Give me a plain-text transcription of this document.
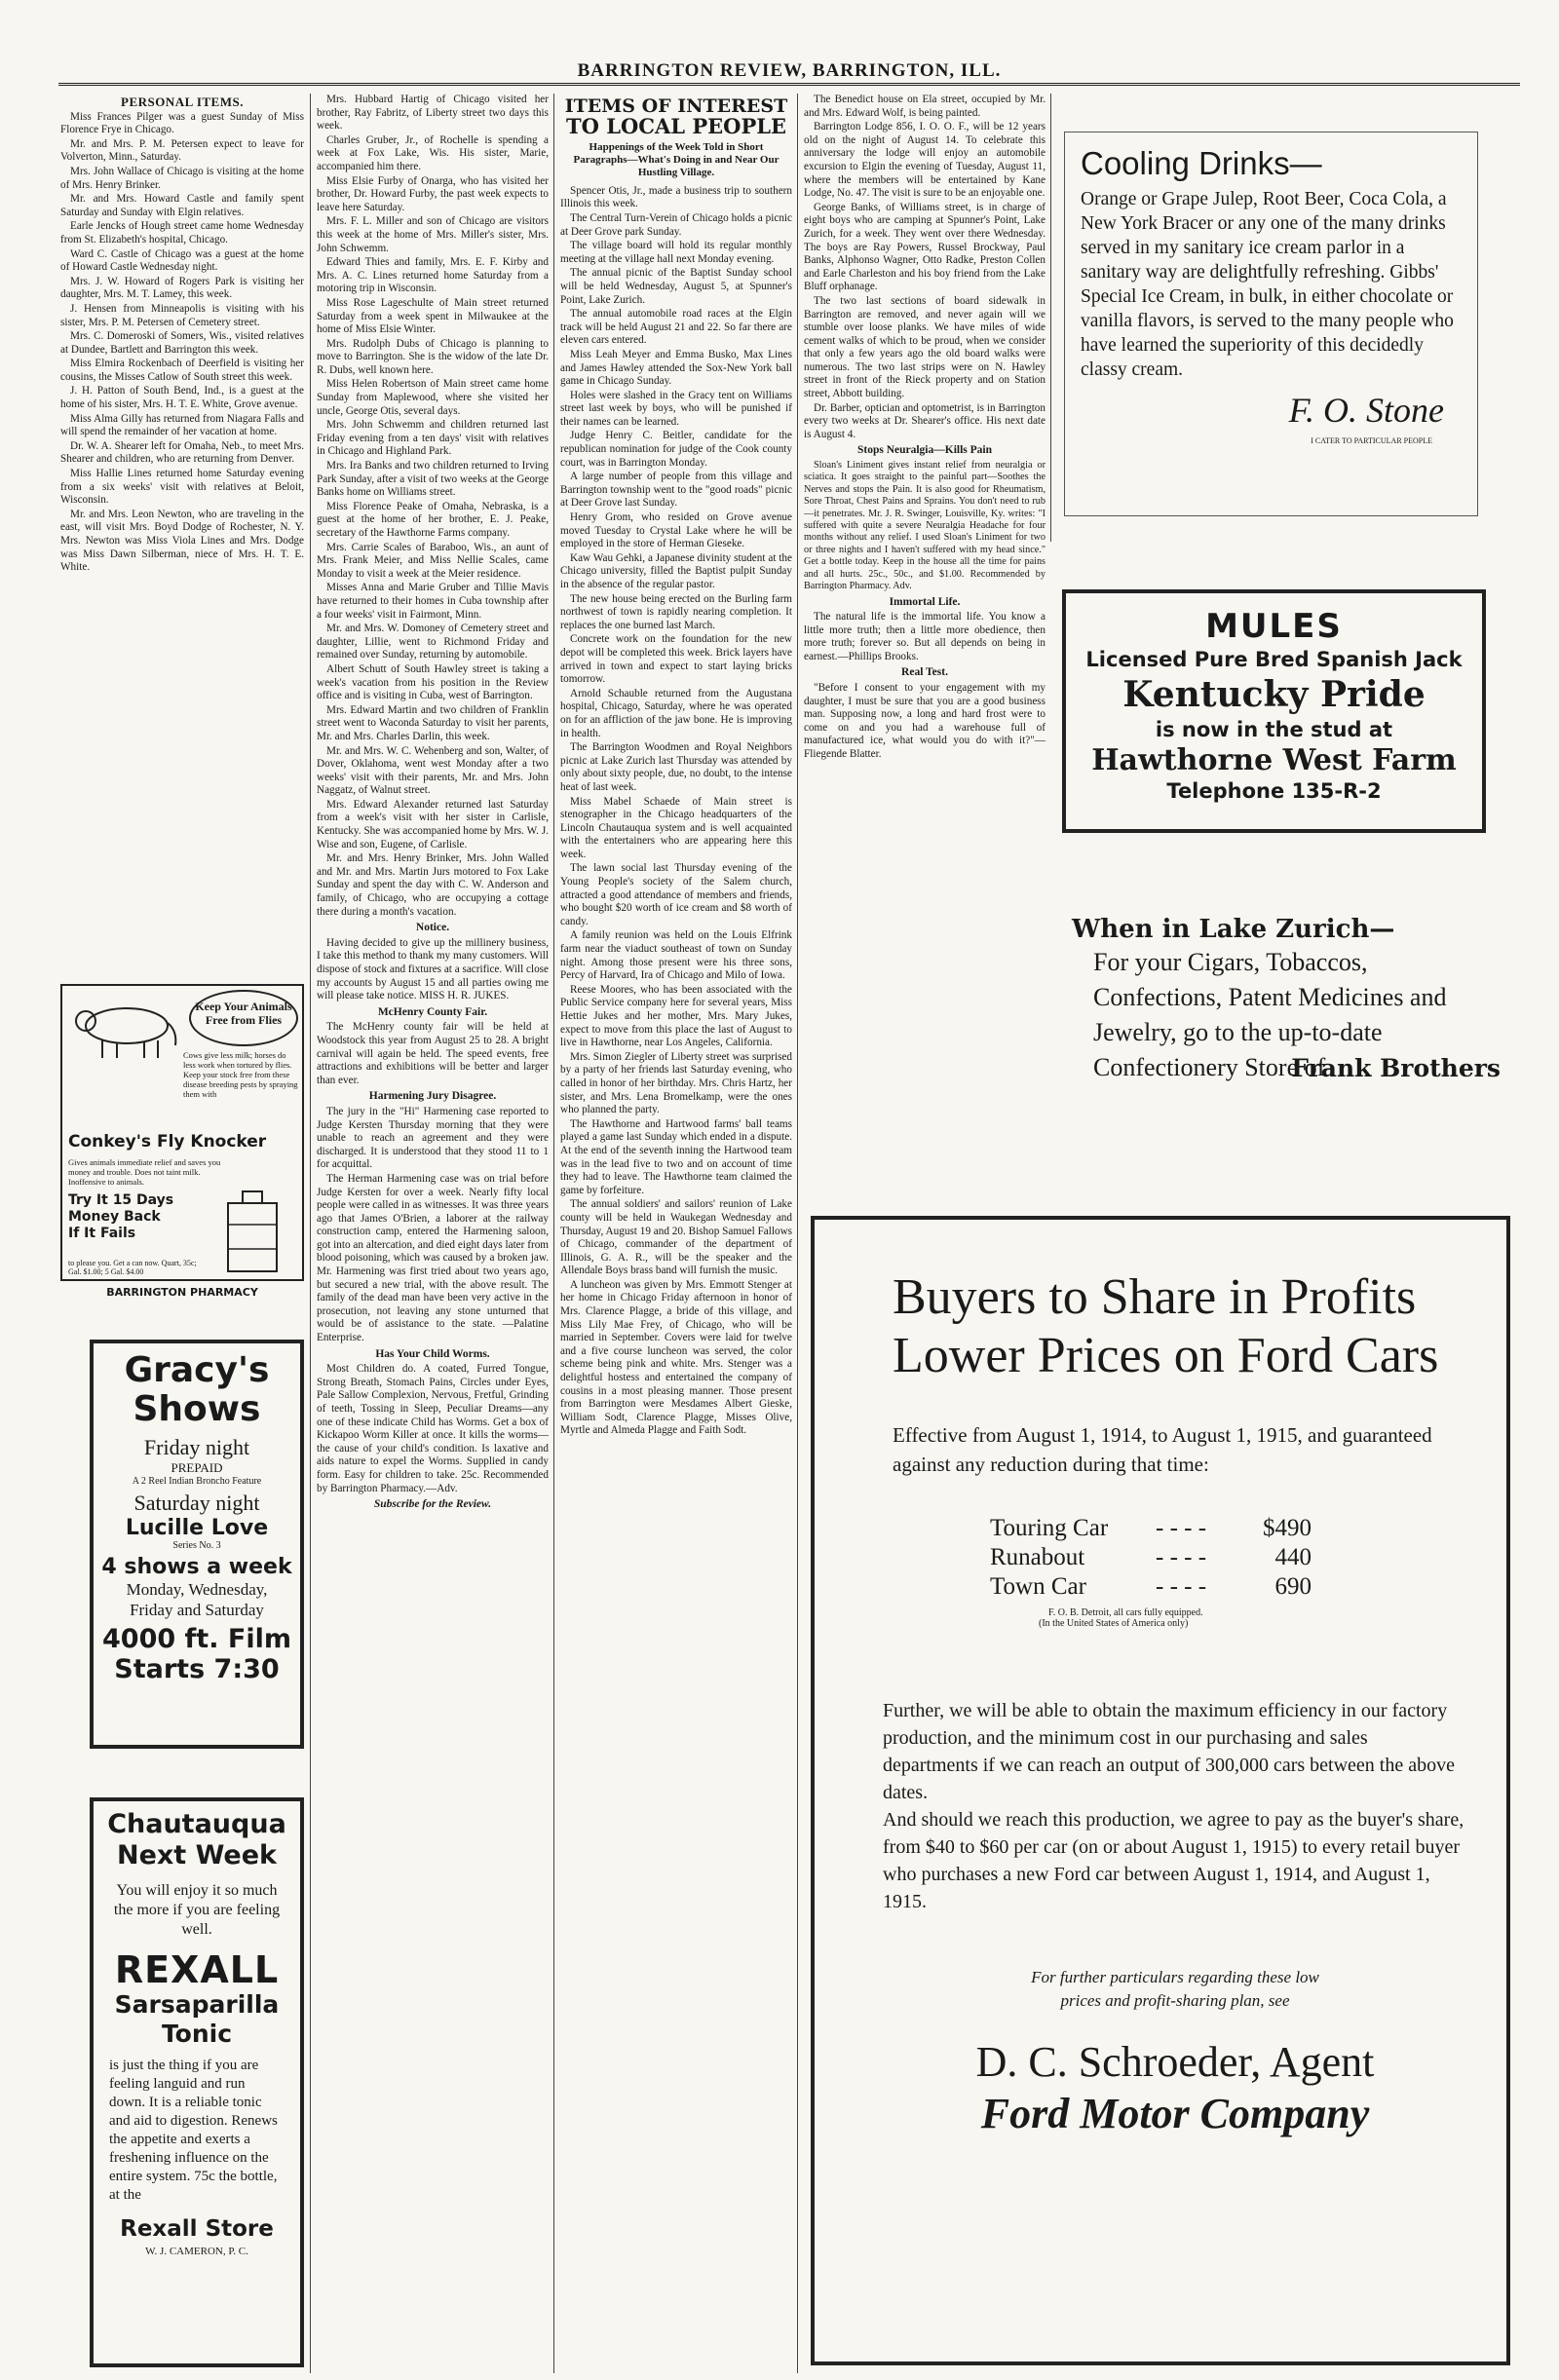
BARRINGTON REVIEW, BARRINGTON, ILL.
PERSONAL ITEMS.

Miss Frances Pilger was a guest Sunday of Miss Florence Frye in Chicago.

Mr. and Mrs. P. M. Petersen expect to leave for Volverton, Minn., Saturday.

Mrs. John Wallace of Chicago is visiting at the home of Mrs. Henry Brinker.

Mr. and Mrs. Howard Castle and family spent Saturday and Sunday with Elgin relatives.

Earle Jencks of Hough street came home Wednesday from St. Elizabeth's hospital, Chicago.

Ward C. Castle of Chicago was a guest at the home of Howard Castle Wednesday night.

Mrs. J. W. Howard of Rogers Park is visiting her daughter, Mrs. M. T. Lamey, this week.

J. Hensen from Minneapolis is visiting with his sister, Mrs. P. M. Petersen of Cemetery street.

Mrs. C. Domeroski of Somers, Wis., visited relatives at Dundee, Bartlett and Barrington this week.

Miss Elmira Rockenbach of Deerfield is visiting her cousins, the Misses Catlow of South street this week.

J. H. Patton of South Bend, Ind., is a guest at the home of his sister, Mrs. H. T. E. White, Grove avenue.

Miss Alma Gilly has returned from Niagara Falls and will spend the remainder of her vacation at home.

Dr. W. A. Shearer left for Omaha, Neb., to meet Mrs. Shearer and children, who are returning from Denver.

Miss Hallie Lines returned home Saturday evening from a six weeks' visit with relatives at Beloit, Wisconsin.

Mr. and Mrs. Leon Newton, who are traveling in the east, will visit Mrs. Boyd Dodge of Rochester, N. Y. Mrs. Newton was Miss Viola Lines and Mrs. Dodge was Miss Dawn Silberman, niece of Mrs. H. T. E. White.

Keep Your Animals Free from Flies
Cows give less milk; horses do less work when tortured by flies. Keep your stock free from these disease breeding pests by spraying them with
Conkey's Fly Knocker
Gives animals immediate relief and saves you money and trouble. Does not taint milk. Inoffensive to animals.
Try It 15 Days Money Back If It Fails
to please you. Get a can now. Quart, 35c; Gal. $1.00; 5 Gal. $4.00
BARRINGTON PHARMACY
Gracy's
Shows
Friday night
PREPAID
A 2 Reel Indian Broncho Feature
Saturday night
Lucille Love
Series No. 3
4 shows a week
Monday, Wednesday, Friday and Saturday
4000 ft. Film
Starts 7:30
Chautauqua
Next Week
You will enjoy it so much the more if you are feeling well.
REXALL
Sarsaparilla
Tonic
is just the thing if you are feeling languid and run down. It is a reliable tonic and aid to digestion. Renews the appetite and exerts a freshening influence on the entire system. 75c the bottle, at the
Rexall Store
W. J. CAMERON, P. C.

Mrs. Hubbard Hartig of Chicago visited her brother, Ray Fabritz, of Liberty street two days this week.

Charles Gruber, Jr., of Rochelle is spending a week at Fox Lake, Wis. His sister, Marie, accompanied him there.

Miss Elsie Furby of Onarga, who has visited her brother, Dr. Howard Furby, the past week expects to leave here Saturday.

Mrs. F. L. Miller and son of Chicago are visitors this week at the home of Mrs. Miller's sister, Mrs. John Schwemm.

Edward Thies and family, Mrs. E. F. Kirby and Mrs. A. C. Lines returned home Saturday from a motoring trip in Wisconsin.

Miss Rose Lageschulte of Main street returned Saturday from a week spent in Milwaukee at the home of Miss Elsie Winter.

Mrs. Rudolph Dubs of Chicago is planning to move to Barrington. She is the widow of the late Dr. R. Dubs, well known here.

Miss Helen Robertson of Main street came home Sunday from Maplewood, where she visited her uncle, George Otis, several days.

Mrs. John Schwemm and children returned last Friday evening from a ten days' visit with relatives in Chicago and Highland Park.

Mrs. Ira Banks and two children returned to Irving Park Sunday, after a visit of two weeks at the George Banks home on Williams street.

Miss Florence Peake of Omaha, Nebraska, is a guest at the home of her brother, E. J. Peake, secretary of the Hawthorne Farms company.

Mrs. Carrie Scales of Baraboo, Wis., an aunt of Mrs. Frank Meier, and Miss Nellie Scales, came Monday to visit a week at the Meier residence.

Misses Anna and Marie Gruber and Tillie Mavis have returned to their homes in Cuba township after a four weeks' visit in Fairmont, Minn.

Mr. and Mrs. W. Domoney of Cemetery street and daughter, Lillie, went to Richmond Friday and remained over Sunday, returning by automobile.

Albert Schutt of South Hawley street is taking a week's vacation from his position in the Review office and is visiting in Cuba, west of Barrington.

Mrs. Edward Martin and two children of Franklin street went to Waconda Saturday to visit her parents, Mr. and Mrs. Charles Darlin, this week.

Mr. and Mrs. W. C. Wehenberg and son, Walter, of Dover, Oklahoma, went west Monday after a two weeks' visit with their parents, Mr. and Mrs. John Naggatz, of Walnut street.

Mrs. Edward Alexander returned last Saturday from a week's visit with her sister in Carlisle, Kentucky. She was accompanied home by Mrs. W. J. Wise and son, Eugene, of Carlisle.

Mr. and Mrs. Henry Brinker, Mrs. John Walled and Mr. and Mrs. Martin Jurs motored to Fox Lake Sunday and spent the day with C. W. Anderson and family, of Chicago, who are occupying a cottage there during a month's vacation.

Notice.

Having decided to give up the millinery business, I take this method to thank my many customers. Will dispose of stock and fixtures at a sacrifice. Will close my accounts by August 15 and all parties owing me will please take notice. MISS H. R. JUKES.

McHenry County Fair.

The McHenry county fair will be held at Woodstock this year from August 25 to 28. A bright carnival will again be held. The speed events, free attractions and exhibitions will be better and larger than ever.

Harmening Jury Disagree.

The jury in the "Hi" Harmening case reported to Judge Kersten Thursday morning that they were unable to reach an agreement and they were discharged. It is understood that they stood 11 to 1 for acquittal.

The Herman Harmening case was on trial before Judge Kersten for over a week. Nearly fifty local people were called in as witnesses. It was three years ago that James O'Brien, a laborer at the railway construction camp, entered the Harmening saloon, got into an altercation, and died eight days later from blood poisoning, which was caused by a broken jaw. Mr. Harmening was first tried about two years ago, but secured a new trial, with the above result. The family of the dead man have been very active in the prosecution, not leaving any stone unturned that would be of assistance to the state. —Palatine Enterprise.

Has Your Child Worms.

Most Children do. A coated, Furred Tongue, Strong Breath, Stomach Pains, Circles under Eyes, Pale Sallow Complexion, Nervous, Fretful, Grinding of teeth, Tossing in Sleep, Peculiar Dreams—any one of these indicate Child has Worms. Get a box of Kickapoo Worm Killer at once. It kills the worms—the cause of your child's condition. Is laxative and aids nature to expel the Worms. Supplied in candy form. Easy for children to take. 25c. Recommended by Barrington Pharmacy.—Adv.

Subscribe for the Review.
ITEMS OF INTEREST
TO LOCAL PEOPLE
Happenings of the Week Told in Short Paragraphs—What's Doing in and Near Our Hustling Village.

Spencer Otis, Jr., made a business trip to southern Illinois this week.

The Central Turn-Verein of Chicago holds a picnic at Deer Grove park Sunday.

The village board will hold its regular monthly meeting at the village hall next Monday evening.

The annual picnic of the Baptist Sunday school will be held Wednesday, August 5, at Spunner's Point, Lake Zurich.

The annual automobile road races at the Elgin track will be held August 21 and 22. So far there are eleven cars entered.

Miss Leah Meyer and Emma Busko, Max Lines and James Hawley attended the Sox-New York ball game in Chicago Sunday.

Holes were slashed in the Gracy tent on Williams street last week by boys, who will be punished if their names can be learned.

Judge Henry C. Beitler, candidate for the republican nomination for judge of the Cook county court, was in Barrington Monday.

A large number of people from this village and Barrington township went to the "good roads" picnic at Deer Grove last Sunday.

Henry Grom, who resided on Grove avenue moved Tuesday to Crystal Lake where he will be employed in the store of Herman Gieseke.

Kaw Wau Gehki, a Japanese divinity student at the Chicago university, filled the Baptist pulpit Sunday in the absence of the regular pastor.

The new house being erected on the Burling farm northwest of town is rapidly nearing completion. It replaces the one burned last March.

Concrete work on the foundation for the new depot will be completed this week. Brick layers have arrived in town and expect to start laying bricks tomorrow.

Arnold Schauble returned from the Augustana hospital, Chicago, Saturday, where he was operated on for an affliction of the jaw bone. He is improving in health.

The Barrington Woodmen and Royal Neighbors picnic at Lake Zurich last Thursday was attended by only about sixty people, due, no doubt, to the intense heat of last week.

Miss Mabel Schaede of Main street is stenographer in the Chicago headquarters of the Lincoln Chautauqua system and is well acquainted with the entertainers who are appearing here this week.

The lawn social last Thursday evening of the Young People's society of the Salem church, attracted a good attendance of members and friends, who bought $20 worth of ice cream and $8 worth of candy.

A family reunion was held on the Louis Elfrink farm near the viaduct southeast of town on Sunday night. Among those present were his three sons, Percy of Harvard, Ira of Chicago and Milo of Iowa.

Reese Moores, who has been associated with the Public Service company here for several years, Miss Hettie Jukes and her mother, Mrs. Mary Jukes, expect to move from this place the last of August to live in Hawthorne, near Los Angeles, California.

Mrs. Simon Ziegler of Liberty street was surprised by a party of her friends last Saturday evening, who called in honor of her birthday. Mrs. Chris Hartz, her sister, and Mrs. Lena Bromelkamp, were the ones who planned the party.

The Hawthorne and Hartwood farms' ball teams played a game last Sunday which ended in a dispute. At the end of the seventh inning the Hartwood team was in the lead five to two and on account of time they had to leave. The Hawthorne team claimed the game by forfeiture.

The annual soldiers' and sailors' reunion of Lake county will be held in Waukegan Wednesday and Thursday, August 19 and 20. Bishop Samuel Fallows of Chicago, commander of the department of Illinois, G. A. R., will be the speaker and the Allendale Boys brass band will furnish the music.

A luncheon was given by Mrs. Emmott Stenger at her home in Chicago Friday afternoon in honor of Mrs. Clarence Plagge, a bride of this village, and Miss Lily Mae Frey, of Chicago, who will be married in September. Covers were laid for twelve and a five course luncheon was served, the color scheme being pink and white. Mrs. Stenger was a delightful hostess and entertained the company of cousins in a most pleasing manner. Those present from Barrington were Mesdames Albert Gieske, William Sodt, Clarence Plagge, Misses Olive, Myrtle and Almeda Plagge and Faith Sodt.

The Benedict house on Ela street, occupied by Mr. and Mrs. Edward Wolf, is being painted.

Barrington Lodge 856, I. O. O. F., will be 12 years old on the night of August 14. To celebrate this anniversary the lodge will enjoy an automobile excursion to Elgin the evening of Tuesday, August 11, where the members will be entertained by Kane Lodge, No. 47. The visit is sure to be an enjoyable one.

George Banks, of Williams street, is in charge of eight boys who are camping at Spunner's Point, Lake Zurich, for a week. They went over there Wednesday. The boys are Ray Powers, Russel Brockway, Paul Banks, Alphonso Wagner, Otto Radke, Preston Collen and Earle Charleston and his boy friend from the Lake Bluff orphanage.

The two last sections of board sidewalk in Barrington are removed, and never again will we stumble over loose planks. We have miles of wide cement walks of which to be proud, when we consider that only a few years ago the old board walks were numerous. The two last strips were on N. Hawley street in front of the Rieck property and on Station street, Abbott building.

Dr. Barber, optician and optometrist, is in Barrington every two weeks at Dr. Shearer's office. His next date is August 4.

Stops Neuralgia—Kills Pain

Sloan's Liniment gives instant relief from neuralgia or sciatica. It goes straight to the painful part—Soothes the Nerves and stops the Pain. It is also good for Rheumatism, Sore Throat, Chest Pains and Sprains. You don't need to rub—it penetrates. Mr. J. R. Swinger, Louisville, Ky. writes: "I suffered with quite a severe Neuralgia Headache for four months without any relief. I used Sloan's Liniment for two or three nights and I haven't suffered with my head since." Get a bottle today. Keep in the house all the time for pains and all hurts. 25c., 50c., and $1.00. Recommended by Barrington Pharmacy. Adv.

Immortal Life.

The natural life is the immortal life. You know a little more truth; then a little more obedience, then more truth; forever so. But all depends on being in earnest.—Phillips Brooks.

Real Test.

"Before I consent to your engagement with my daughter, I must be sure that you are a good business man. Supposing now, a long and hard frost were to come on and you had a warehouse full of manufactured ice, what would you do with it?"—Fliegende Blatter.

Cooling Drinks—
Orange or Grape Julep, Root Beer, Coca Cola, a New York Bracer or any one of the many drinks served in my sanitary ice cream parlor in a sanitary way are delightfully refreshing. Gibbs' Special Ice Cream, in bulk, in either chocolate or vanilla flavors, is served to the many people who have learned the superiority of this decidedly classy cream.
F. O. Stone
I CATER TO PARTICULAR PEOPLE
MULES
Licensed Pure Bred Spanish Jack
Kentucky Pride
is now in the stud at
Hawthorne West Farm
Telephone 135-R-2
When in Lake Zurich—
For your Cigars, Tobaccos, Confections, Patent Medicines and Jewelry, go to the up-to-date Confectionery Store of
Frank Brothers
Buyers to Share in Profits
Lower Prices on Ford Cars
Effective from August 1, 1914, to August 1, 1915, and guaranteed against any reduction during that time:
Touring Car	- - - -	$490
Runabout	- - - -	440
Town Car	- - - -	690
F. O. B. Detroit, all cars fully equipped.
(In the United States of America only)
Further, we will be able to obtain the maximum efficiency in our factory production, and the minimum cost in our purchasing and sales departments if we can reach an output of 300,000 cars between the above dates.
And should we reach this production, we agree to pay as the buyer's share, from $40 to $60 per car (on or about August 1, 1915) to every retail buyer who purchases a new Ford car between August 1, 1914, and August 1, 1915.
For further particulars regarding these low prices and profit-sharing plan, see
D. C. Schroeder, Agent
Ford Motor Company
